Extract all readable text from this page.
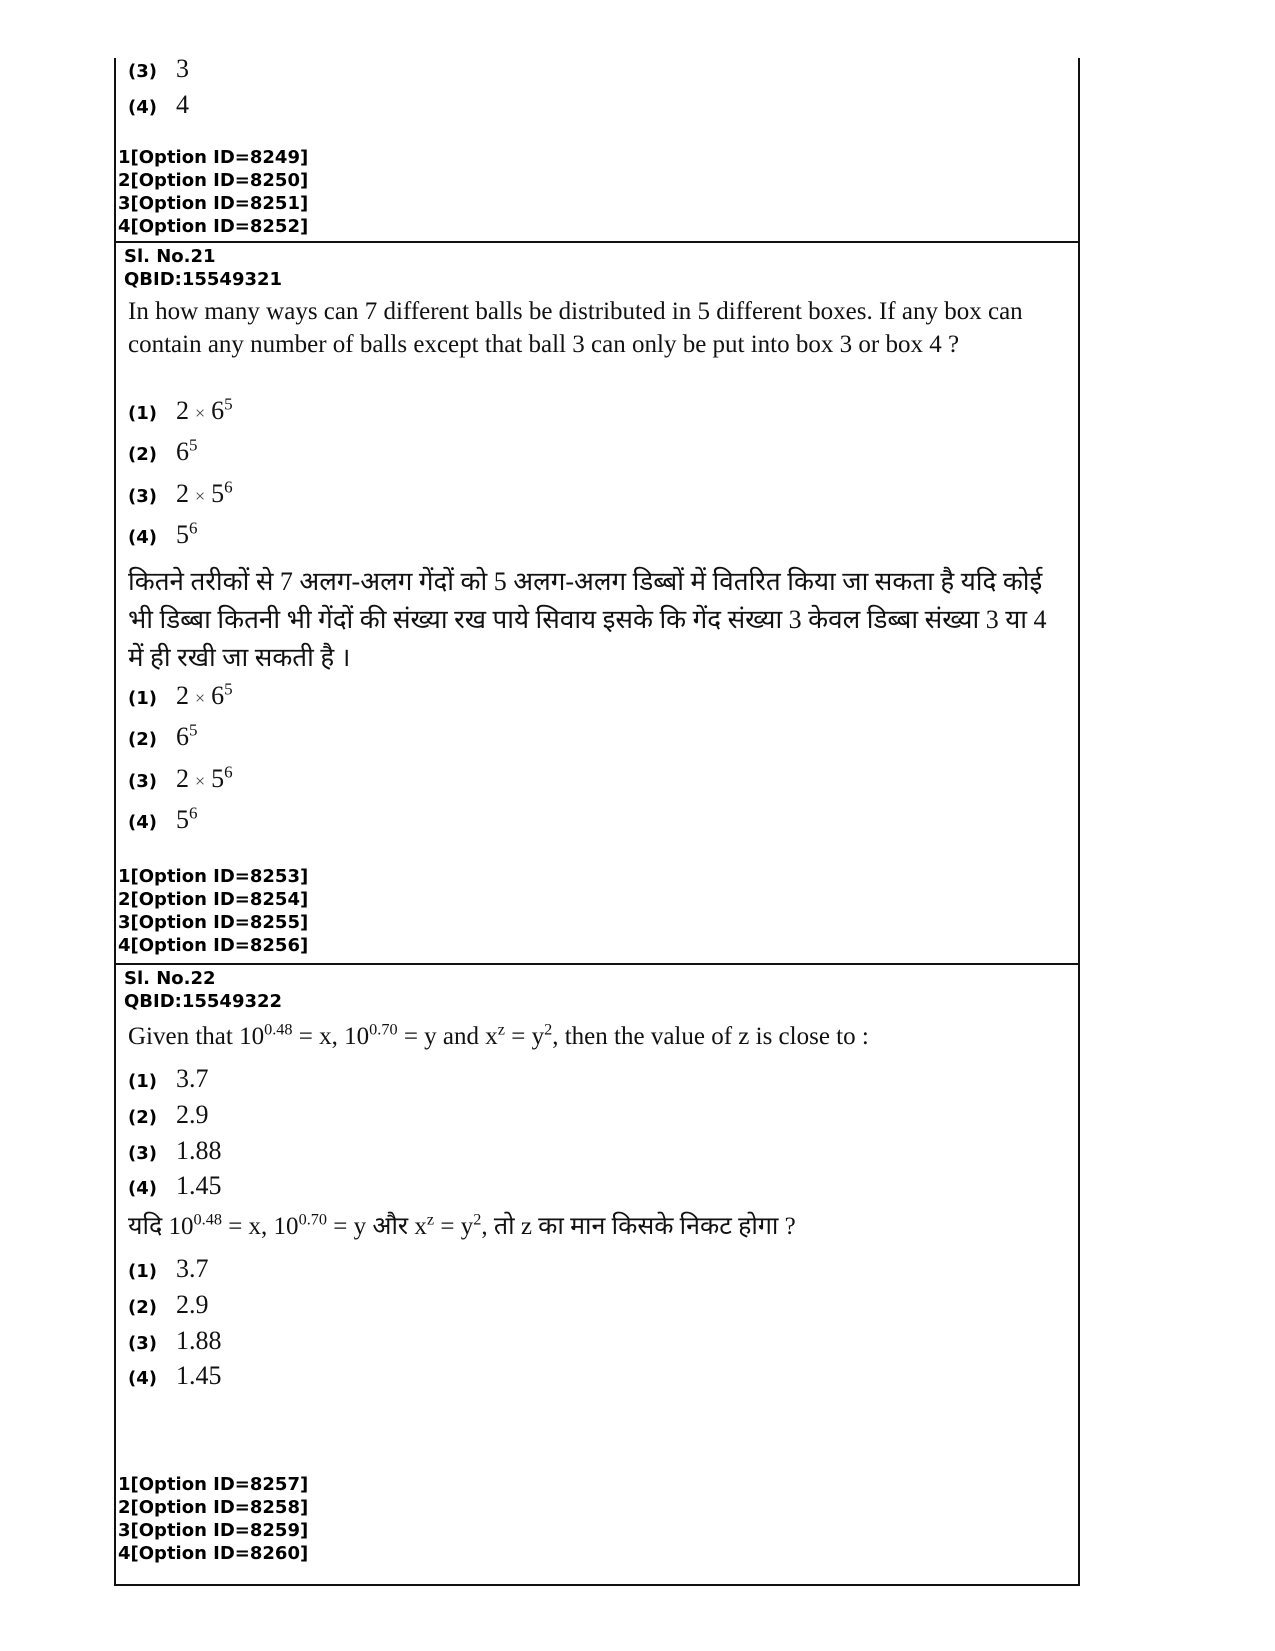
(3) 3
(4) 4
1[Option ID=8249]
2[Option ID=8250]
3[Option ID=8251]
4[Option ID=8252]
Sl. No.21
QBID:15549321
In how many ways can 7 different balls be distributed in 5 different boxes. If any box can contain any number of balls except that ball 3 can only be put into box 3 or box 4 ?
(1) $2 \times 6^5$
(2) $6^5$
(3) $2 \times 5^6$
(4) $5^6$
कितने तरीकों से 7 अलग-अलग गेंदों को 5 अलग-अलग डिब्बों में वितरित किया जा सकता है यदि कोई भी डिब्बा कितनी भी गेंदों की संख्या रख पाये सिवाय इसके कि गेंद संख्या 3 केवल डिब्बा संख्या 3 या 4 में ही रखी जा सकती है ।
(1) $2 \times 6^5$
(2) $6^5$
(3) $2 \times 5^6$
(4) $5^6$
1[Option ID=8253]
2[Option ID=8254]
3[Option ID=8255]
4[Option ID=8256]
Sl. No.22
QBID:15549322
Given that $10^{0.48} = x$, $10^{0.70} = y$ and $x^z = y^2$, then the value of z is close to :
(1) 3.7
(2) 2.9
(3) 1.88
(4) 1.45
यदि $10^{0.48} = x$, $10^{0.70} = y$ और $x^z = y^2$, तो z का मान किसके निकट होगा ?
(1) 3.7
(2) 2.9
(3) 1.88
(4) 1.45
1[Option ID=8257]
2[Option ID=8258]
3[Option ID=8259]
4[Option ID=8260]
